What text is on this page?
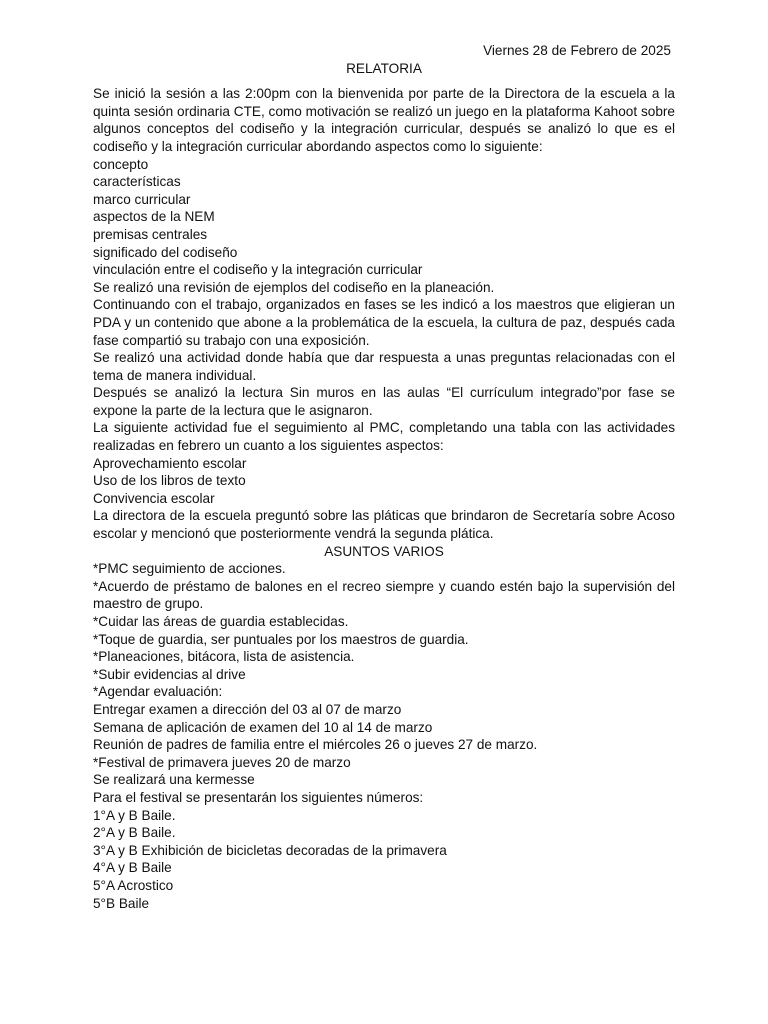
Viernes 28 de Febrero de 2025
RELATORIA

Se inició la sesión a las 2:00pm con la bienvenida por parte de la Directora de la escuela a la quinta sesión ordinaria CTE, como motivación se realizó un juego en la plataforma Kahoot sobre algunos conceptos del codiseño y la integración curricular, después se analizó lo que es el codiseño y la integración curricular abordando aspectos como lo siguiente:

concepto

características

marco curricular

aspectos de la NEM

premisas centrales

significado del codiseño

vinculación entre el codiseño y la integración curricular

Se realizó una revisión de ejemplos del codiseño en la planeación.

Continuando con el trabajo, organizados en fases se les indicó a los maestros que eligieran un PDA y un contenido que abone a la problemática de la escuela, la cultura de paz, después cada fase compartió su trabajo con una exposición.

Se realizó una actividad donde había que dar respuesta a unas preguntas relacionadas con el tema de manera individual.

Después se analizó la lectura Sin muros en las aulas “El currículum integrado”por fase se expone la parte de la lectura que le asignaron.

La siguiente actividad fue el seguimiento al PMC, completando una tabla con las actividades realizadas en febrero un cuanto a los siguientes aspectos:

Aprovechamiento escolar

Uso de los libros de texto

Convivencia escolar

La directora de la escuela preguntó sobre las pláticas que brindaron de Secretaría sobre Acoso escolar y mencionó que posteriormente vendrá la segunda plática.

ASUNTOS VARIOS

*PMC seguimiento de acciones.

*Acuerdo de préstamo de balones en el recreo siempre y cuando estén bajo la supervisión del maestro de grupo.

*Cuidar las áreas de guardia establecidas.

*Toque de guardia, ser puntuales por los maestros de guardia.

*Planeaciones, bitácora, lista de asistencia.

*Subir evidencias al drive

*Agendar evaluación:

Entregar examen a dirección del 03 al 07 de marzo

Semana de aplicación de examen del 10 al 14 de marzo

Reunión de padres de familia entre el miércoles 26 o jueves 27 de marzo.

*Festival de primavera jueves 20 de marzo

Se realizará una kermesse

Para el festival se presentarán los siguientes números:

1°A y B Baile.

2°A y B Baile.

3°A y B Exhibición de bicicletas decoradas de la primavera

4°A y B Baile

5°A Acrostico

5°B Baile
